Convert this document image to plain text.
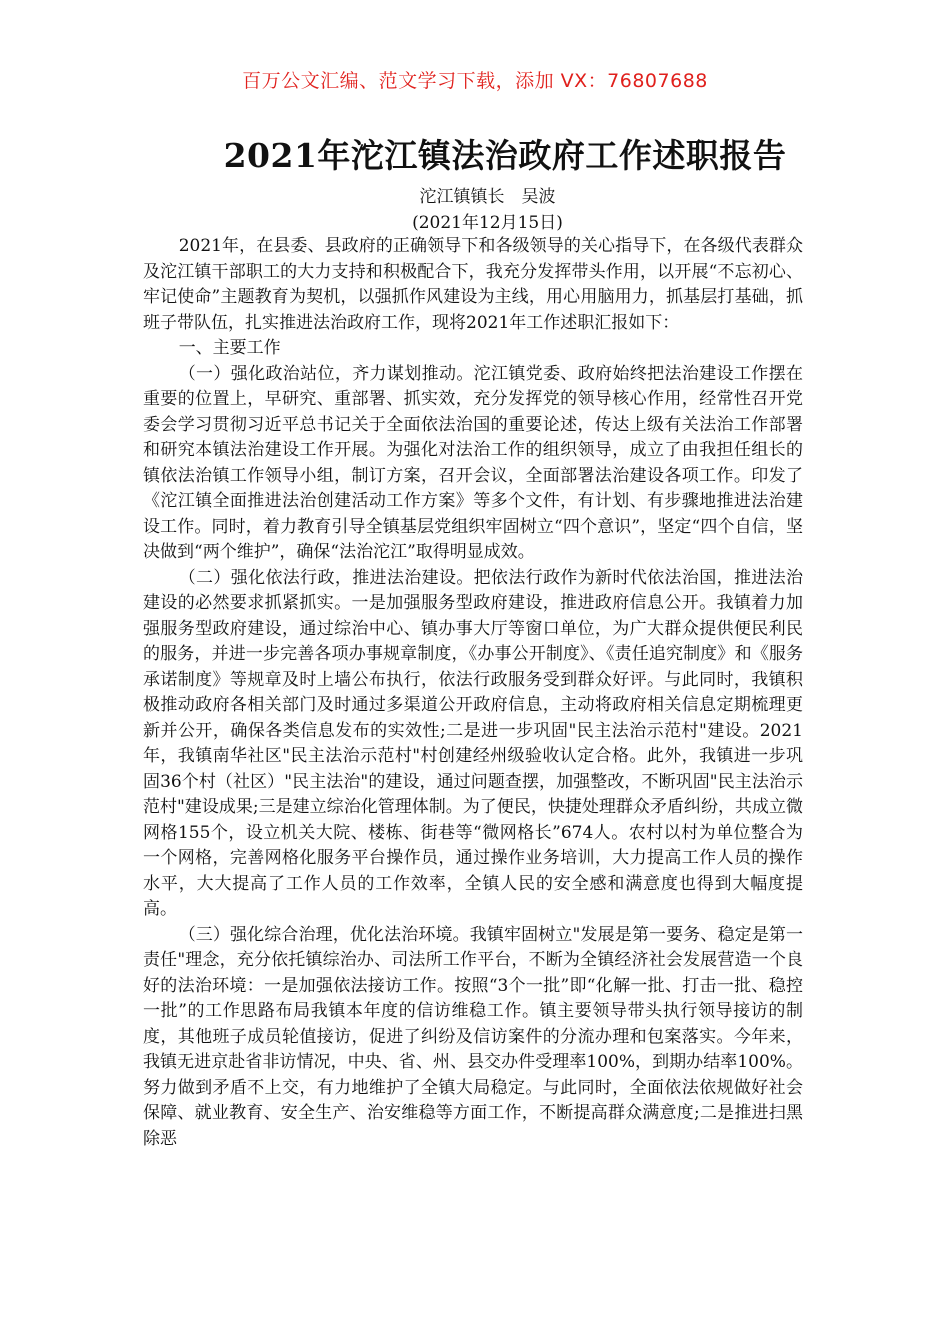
百万公文汇编、范文学习下载，添加 VX：76807688
2021年沱江镇法治政府工作述职报告
沱江镇镇长　吴波
(2021年12月15日)

2021年，在县委、县政府的正确领导下和各级领导的关心指导下，在各级代表群众及沱江镇干部职工的大力支持和积极配合下，我充分发挥带头作用，以开展“不忘初心、牢记使命”主题教育为契机，以强抓作风建设为主线，用心用脑用力，抓基层打基础，抓班子带队伍，扎实推进法治政府工作，现将2021年工作述职汇报如下：

一、主要工作

（一）强化政治站位，齐力谋划推动。沱江镇党委、政府始终把法治建设工作摆在重要的位置上，早研究、重部署、抓实效，充分发挥党的领导核心作用，经常性召开党委会学习贯彻习近平总书记关于全面依法治国的重要论述，传达上级有关法治工作部署和研究本镇法治建设工作开展。为强化对法治工作的组织领导，成立了由我担任组长的镇依法治镇工作领导小组，制订方案，召开会议，全面部署法治建设各项工作。印发了《沱江镇全面推进法治创建活动工作方案》等多个文件，有计划、有步骤地推进法治建设工作。同时，着力教育引导全镇基层党组织牢固树立“四个意识”，坚定“四个自信，坚决做到“两个维护”，确保“法治沱江”取得明显成效。

（二）强化依法行政，推进法治建设。把依法行政作为新时代依法治国，推进法治建设的必然要求抓紧抓实。一是加强服务型政府建设，推进政府信息公开。我镇着力加强服务型政府建设，通过综治中心、镇办事大厅等窗口单位，为广大群众提供便民利民的服务，并进一步完善各项办事规章制度，《办事公开制度》、《责任追究制度》和《服务承诺制度》等规章及时上墙公布执行，依法行政服务受到群众好评。与此同时，我镇积极推动政府各相关部门及时通过多渠道公开政府信息，主动将政府相关信息定期梳理更新并公开，确保各类信息发布的实效性;二是进一步巩固"民主法治示范村"建设。2021年，我镇南华社区"民主法治示范村"村创建经州级验收认定合格。此外，我镇进一步巩固36个村（社区）"民主法治"的建设，通过问题查摆，加强整改，不断巩固"民主法治示范村"建设成果;三是建立综治化管理体制。为了便民，快捷处理群众矛盾纠纷，共成立微网格155个，设立机关大院、楼栋、街巷等“微网格长”674人。农村以村为单位整合为一个网格，完善网格化服务平台操作员，通过操作业务培训，大力提高工作人员的操作水平，大大提高了工作人员的工作效率，全镇人民的安全感和满意度也得到大幅度提高。

（三）强化综合治理，优化法治环境。我镇牢固树立"发展是第一要务、稳定是第一责任"理念，充分依托镇综治办、司法所工作平台，不断为全镇经济社会发展营造一个良好的法治环境：一是加强依法接访工作。按照“3个一批”即“化解一批、打击一批、稳控一批”的工作思路布局我镇本年度的信访维稳工作。镇主要领导带头执行领导接访的制度，其他班子成员轮值接访，促进了纠纷及信访案件的分流办理和包案落实。今年来，我镇无进京赴省非访情况，中央、省、州、县交办件受理率100%，到期办结率100%。努力做到矛盾不上交，有力地维护了全镇大局稳定。与此同时，全面依法依规做好社会保障、就业教育、安全生产、治安维稳等方面工作，不断提高群众满意度;二是推进扫黑除恶
